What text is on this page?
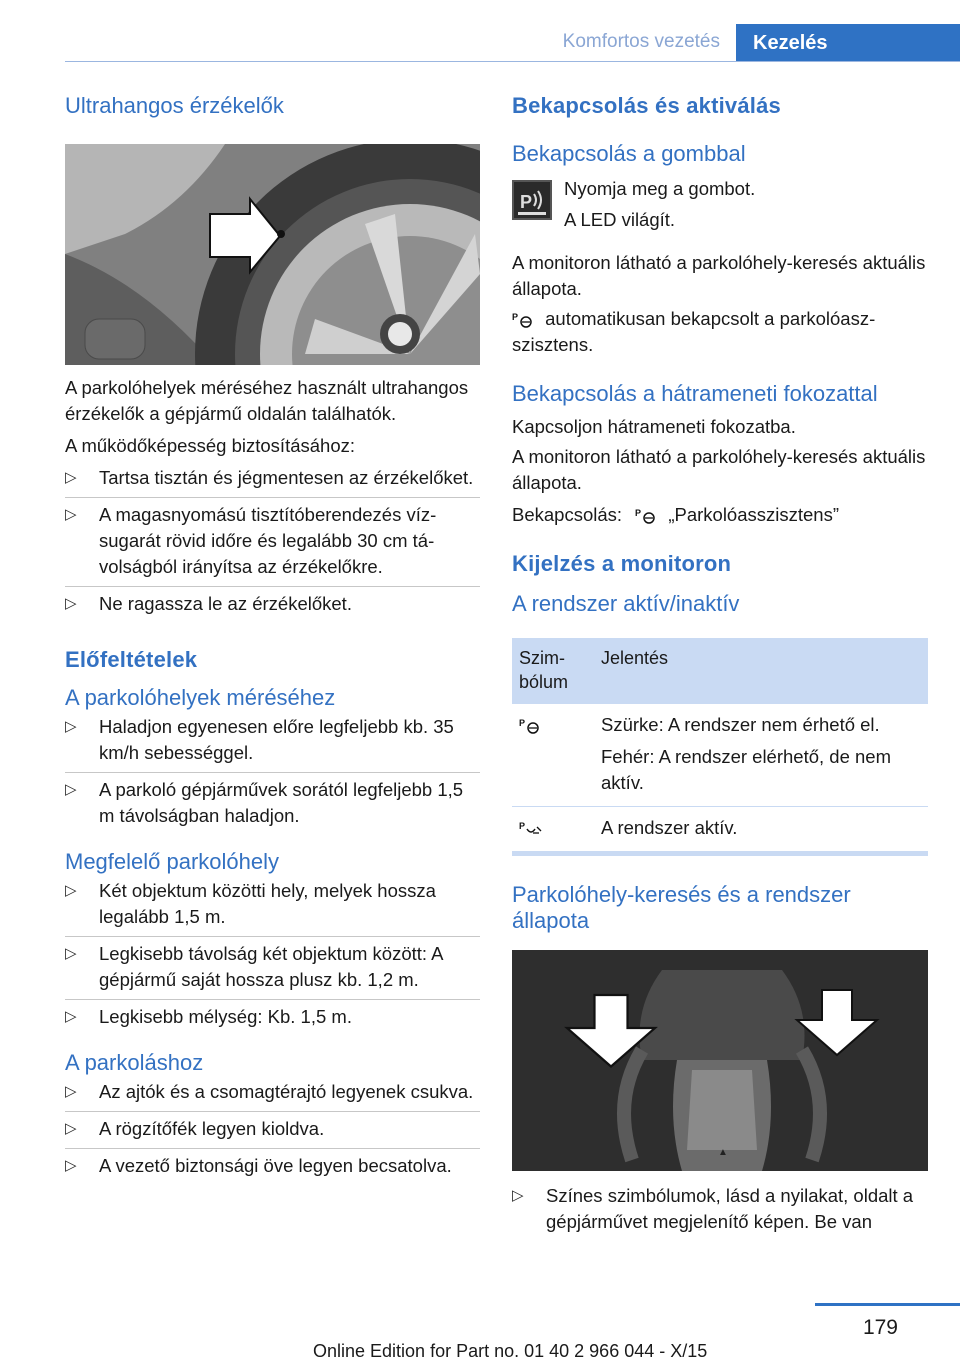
Komfortos vezetés	Kezelés
Ultrahangos érzékelők

A parkolóhelyek méréséhez használt ultrahangos érzékelők a gépjármű oldalán találhatók.

A működőképesség biztosításához:

▷ Tartsa tisztán és jégmentesen az érzékelőket.
▷ A magasnyomású tisztítóberendezés vízsugarát rövid időre és legalább 30 cm távolságból irányítsa az érzékelőkre.
▷ Ne ragassza le az érzékelőket.
Előfeltételek
A parkolóhelyek méréséhez
▷ Haladjon egyenesen előre legfeljebb kb. 35 km/h sebességgel.
▷ A parkoló gépjárművek sorától legfeljebb 1,5 m távolságban haladjon.
Megfelelő parkolóhely
▷ Két objektum közötti hely, melyek hossza legalább 1,5 m.
▷ Legkisebb távolság két objektum között: A gépjármű saját hossza plusz kb. 1,2 m.
▷ Legkisebb mélység: Kb. 1,5 m.
A parkoláshoz
▷ Az ajtók és a csomagtérajtó legyenek csukva.
▷ A rögzítőfék legyen kioldva.
▷ A vezető biztonsági öve legyen becsatolva.
Bekapcsolás és aktiválás
Bekapcsolás a gombbal
P

Nyomja meg a gombot.

A LED világít.

A monitoron látható a parkolóhely-keresés aktuális állapota.

P automatikusan bekapcsolt a parkolóaszszisztens.

Bekapcsolás a hátrameneti fokozattal

Kapcsoljon hátrameneti fokozatba.

A monitoron látható a parkolóhely-keresés aktuális állapota.

Bekapcsolás: P „Parkolóasszisztens”

Kijelzés a monitoron
A rendszer aktív/inaktív
Szimbólum	Jelentés

P	Szürke: A rendszer nem érhető el.

Fehér: A rendszer elérhető, de nem aktív.

P	A rendszer aktív.
Parkolóhely-keresés és a rendszer állapota
▲
▷ Színes szimbólumok, lásd a nyilakat, oldalt a gépjárművet megjelenítő képen. Be van
179
Online Edition for Part no. 01 40 2 966 044 - X/15
